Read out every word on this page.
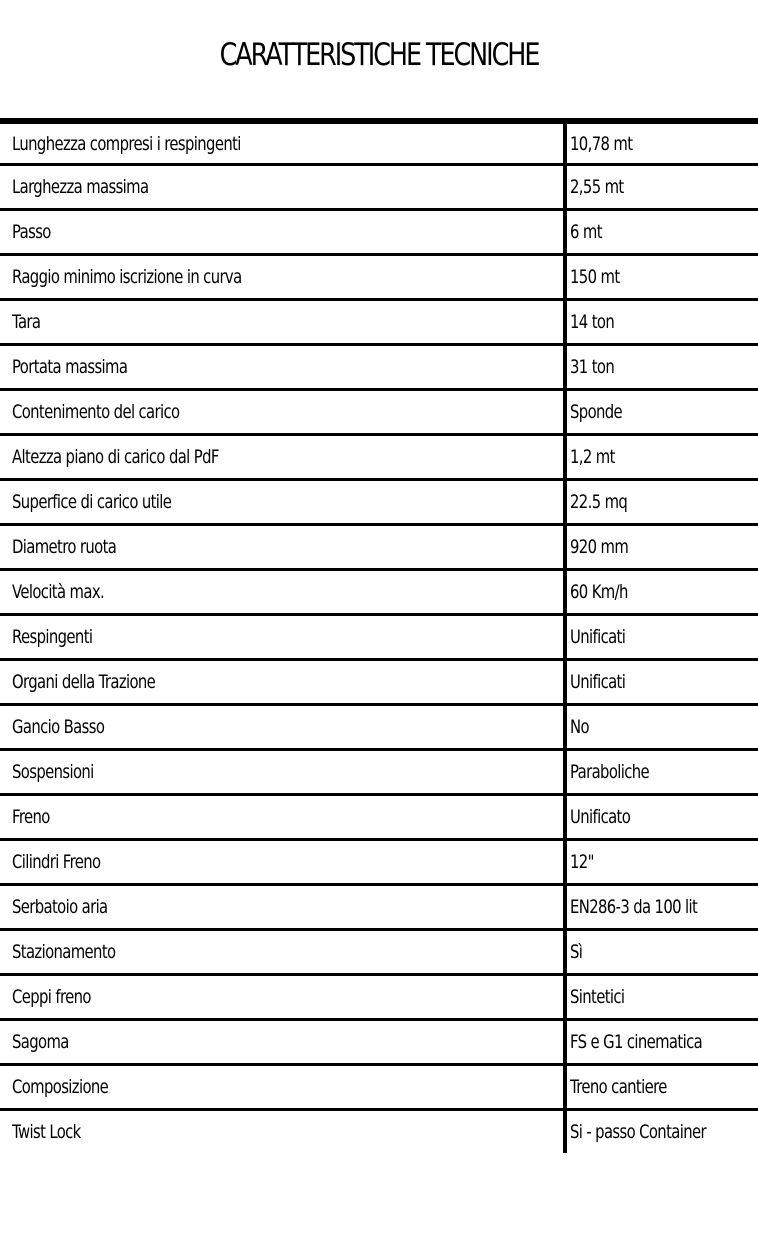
CARATTERISTICHE TECNICHE
Lunghezza compresi i respingenti	10,78 mt
Larghezza massima	2,55 mt
Passo	6 mt
Raggio minimo iscrizione in curva	150 mt
Tara	14 ton
Portata massima	31 ton
Contenimento del carico	Sponde
Altezza piano di carico dal PdF	1,2 mt
Superfice di carico utile	22.5 mq
Diametro ruota	920 mm
Velocità max.	60 Km/h
Respingenti	Unificati
Organi della Trazione	Unificati
Gancio Basso	No
Sospensioni	Paraboliche
Freno	Unificato
Cilindri Freno	12"
Serbatoio aria	EN286-3 da 100 lit
Stazionamento	Sì
Ceppi freno	Sintetici
Sagoma	FS e G1 cinematica
Composizione	Treno cantiere
Twist Lock	Si - passo Container
